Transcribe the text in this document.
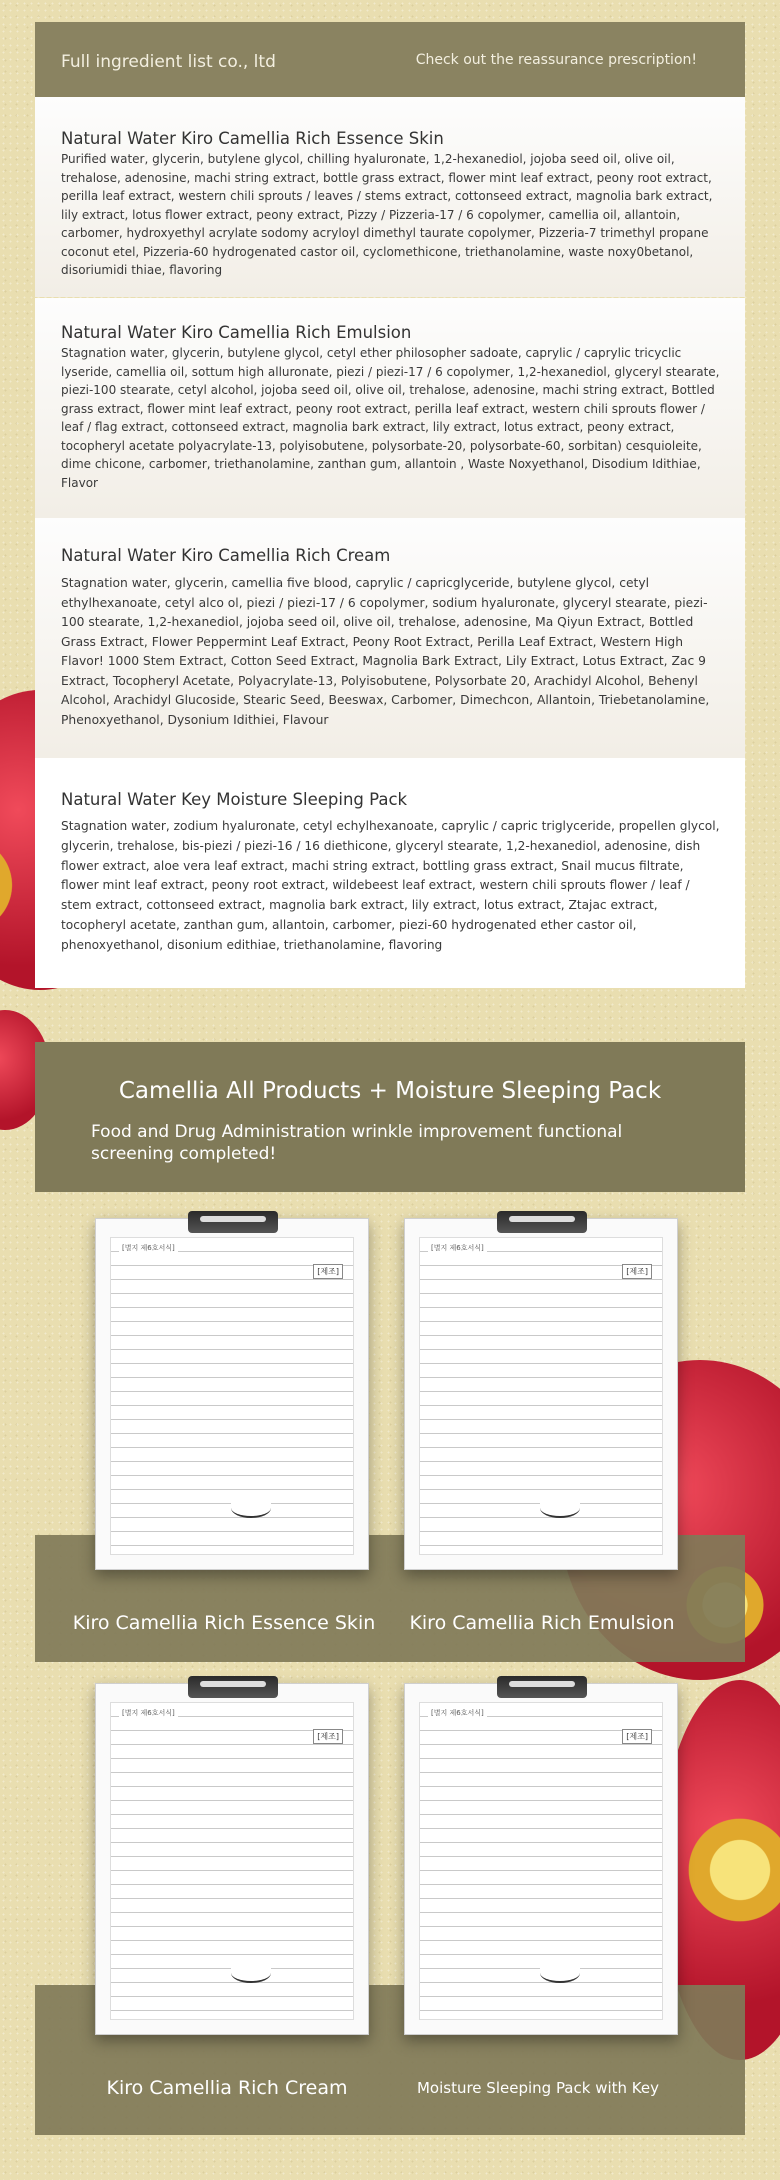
Full ingredient list co., ltd	Check out the reassurance prescription!
Natural Water Kiro Camellia Rich Essence Skin

Purified water, glycerin, butylene glycol, chilling hyaluronate, 1,2-hexanediol, jojoba seed oil, olive oil, trehalose, adenosine, machi string extract, bottle grass extract, flower mint leaf extract, peony root extract, perilla leaf extract, western chili sprouts / leaves / stems extract, cottonseed extract, magnolia bark extract, lily extract, lotus flower extract, peony extract, Pizzy / Pizzeria-17 / 6 copolymer, camellia oil, allantoin, carbomer, hydroxyethyl acrylate sodomy acryloyl dimethyl taurate copolymer, Pizzeria-7 trimethyl propane coconut etel, Pizzeria-60 hydrogenated castor oil, cyclomethicone, triethanolamine, waste noxy0betanol, disoriumidi thiae, flavoring

Natural Water Kiro Camellia Rich Emulsion

Stagnation water, glycerin, butylene glycol, cetyl ether philosopher sadoate, caprylic / caprylic tricyclic lyseride, camellia oil, sottum high alluronate, piezi / piezi-17 / 6 copolymer, 1,2-hexanediol, glyceryl stearate, piezi-100 stearate, cetyl alcohol, jojoba seed oil, olive oil, trehalose, adenosine, machi string extract, Bottled grass extract, flower mint leaf extract, peony root extract, perilla leaf extract, western chili sprouts flower / leaf / flag extract, cottonseed extract, magnolia bark extract, lily extract, lotus extract, peony extract, tocopheryl acetate polyacrylate-13, polyisobutene, polysorbate-20, polysorbate-60, sorbitan) cesquioleite, dime chicone, carbomer, triethanolamine, zanthan gum, allantoin , Waste Noxyethanol, Disodium Idithiae, Flavor

Natural Water Kiro Camellia Rich Cream

Stagnation water, glycerin, camellia five blood, caprylic / capricglyceride, butylene glycol, cetyl ethylhexanoate, cetyl alco ol, piezi / piezi-17 / 6 copolymer, sodium hyaluronate, glyceryl stearate, piezi-100 stearate, 1,2-hexanediol, jojoba seed oil, olive oil, trehalose, adenosine, Ma Qiyun Extract, Bottled Grass Extract, Flower Peppermint Leaf Extract, Peony Root Extract, Perilla Leaf Extract, Western High Flavor! 1000 Stem Extract, Cotton Seed Extract, Magnolia Bark Extract, Lily Extract, Lotus Extract, Zac 9 Extract, Tocopheryl Acetate, Polyacrylate-13, Polyisobutene, Polysorbate 20, Arachidyl Alcohol, Behenyl Alcohol, Arachidyl Glucoside, Stearic Seed, Beeswax, Carbomer, Dimechcon, Allantoin, Triebetanolamine, Phenoxyethanol, Dysonium Idithiei, Flavour

Natural Water Key Moisture Sleeping Pack

Stagnation water, zodium hyaluronate, cetyl echylhexanoate, caprylic / capric triglyceride, propellen glycol, glycerin, trehalose, bis-piezi / piezi-16 / 16 diethicone, glyceryl stearate, 1,2-hexanediol, adenosine, dish flower extract, aloe vera leaf extract, machi string extract, bottling grass extract, Snail mucus filtrate, flower mint leaf extract, peony root extract, wildebeest leaf extract, western chili sprouts flower / leaf / stem extract, cottonseed extract, magnolia bark extract, lily extract, lotus extract, Ztajac extract, tocopheryl acetate, zanthan gum, allantoin, carbomer, piezi-60 hydrogenated ether castor oil, phenoxyethanol, disonium edithiae, triethanolamine, flavoring

Camellia All Products + Moisture Sleeping Pack
Food and Drug Administration wrinkle improvement functional screening completed!
[별지 제6호서식]
[제조]
[별지 제6호서식]
[제조]
[별지 제6호서식]
[제조]
[별지 제6호서식]
[제조]
Kiro Camellia Rich Essence Skin	Kiro Camellia Rich Emulsion
Kiro Camellia Rich Cream	Moisture Sleeping Pack with Key
